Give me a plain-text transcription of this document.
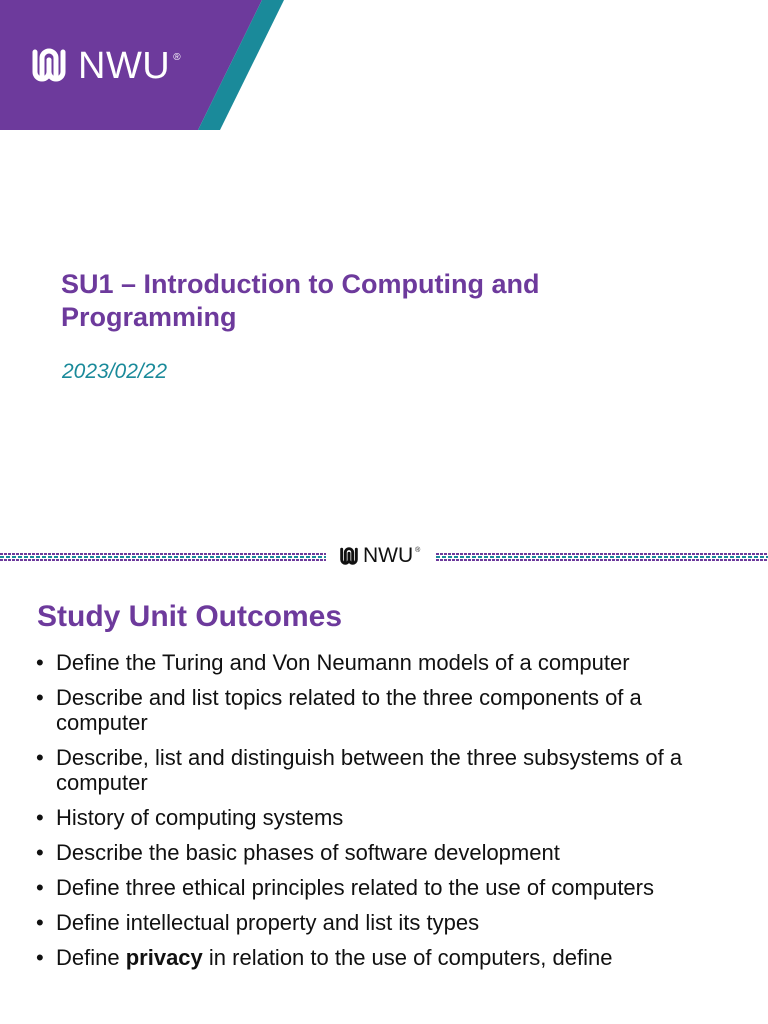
NWU ®
SU1 – Introduction to Computing and Programming
2023/02/22
NWU ®
Study Unit Outcomes
• Define the Turing and Von Neumann models of a computer
• Describe and list topics related to the three components of a computer
• Describe, list and distinguish between the three subsystems of a computer
• History of computing systems
• Describe the basic phases of software development
• Define three ethical principles related to the use of computers
• Define intellectual property and list its types
• Define privacy in relation to the use of computers, define
